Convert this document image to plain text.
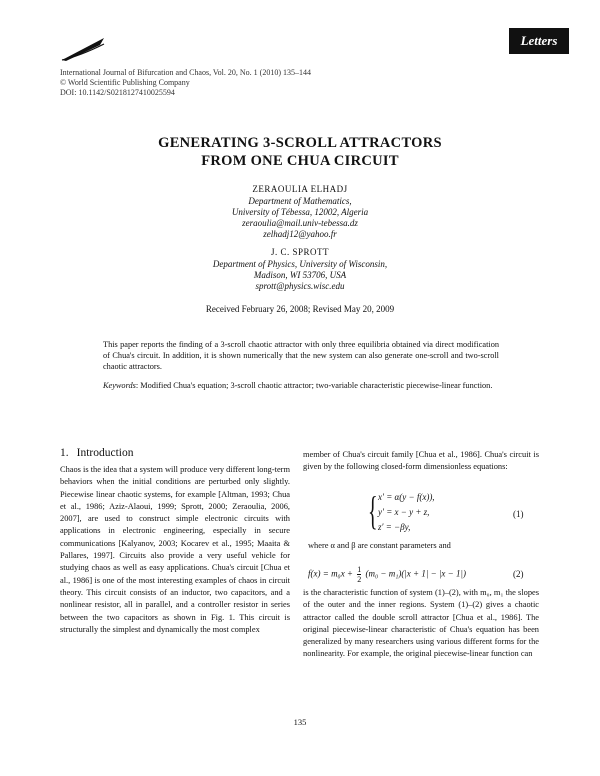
Letters
International Journal of Bifurcation and Chaos, Vol. 20, No. 1 (2010) 135–144
© World Scientific Publishing Company
DOI: 10.1142/S0218127410025594
GENERATING 3-SCROLL ATTRACTORS
FROM ONE CHUA CIRCUIT
ZERAOULIA ELHADJ
Department of Mathematics,
University of Tébessa, 12002, Algeria
zeraoulia@mail.univ-tebessa.dz
zelhadj12@yahoo.fr
J. C. SPROTT
Department of Physics, University of Wisconsin,
Madison, WI 53706, USA
sprott@physics.wisc.edu
Received February 26, 2008; Revised May 20, 2009
This paper reports the finding of a 3-scroll chaotic attractor with only three equilibria obtained via direct modification of Chua's circuit. In addition, it is shown numerically that the new system can also generate one-scroll and two-scroll chaotic attractors.
Keywords: Modified Chua's equation; 3-scroll chaotic attractor; two-variable characteristic piecewise-linear function.
1. Introduction
Chaos is the idea that a system will produce very different long-term behaviors when the initial conditions are perturbed only slightly. Piecewise linear chaotic systems, for example [Altman, 1993; Chua et al., 1986; Aziz-Alaoui, 1999; Sprott, 2000; Zeraoulia, 2006, 2007], are used to construct simple electronic circuits with applications in electronic engineering, especially in secure communications [Kalyanov, 2003; Kocarev et al., 1995; Maaita & Pallares, 1997]. Circuits also provide a very useful vehicle for studying chaos as well as easy applications. Chua's circuit [Chua et al., 1986] is one of the most interesting examples of chaos in circuit theory. This circuit consists of an inductor, two capacitors, and a nonlinear resistor, all in parallel, and a controller resistor in series between the two capacitors as shown in Fig. 1. This circuit is structurally the simplest and dynamically the most complex
member of Chua's circuit family [Chua et al., 1986]. Chua's circuit is given by the following closed-form dimensionless equations:
{ x′ = α(y − f(x)),
y′ = x − y + z,
z′ = −βy,
(1)
where α and β are constant parameters and
$f(x) = m_0x + \frac{1}{2} (m_0 - m_1)(|x + 1| - |x - 1|)$	(2)
is the characteristic function of system (1)–(2), with m₀, m₁ the slopes of the outer and the inner regions. System (1)–(2) gives a chaotic attractor called the double scroll attractor [Chua et al., 1986]. The original piecewise-linear characteristic of Chua's equation has been generalized by many researchers using various different forms for the nonlinearity. For example, the original piecewise-linear function can
135
